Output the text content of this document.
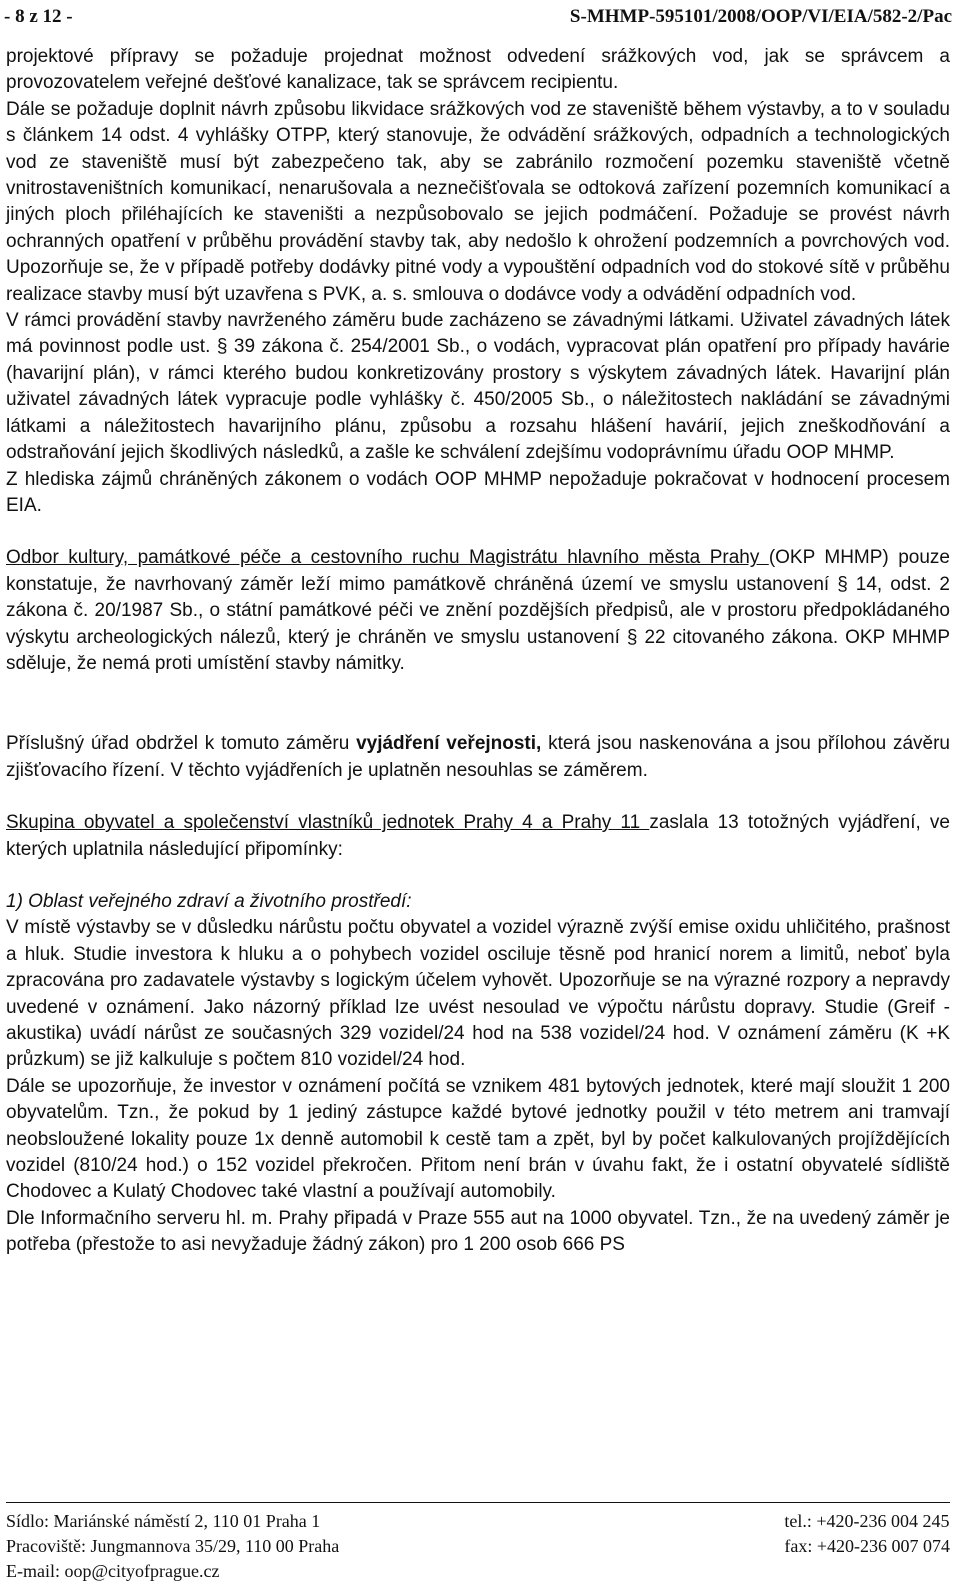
- 8 z 12 -	S-MHMP-595101/2008/OOP/VI/EIA/582-2/Pac

projektové přípravy se požaduje projednat možnost odvedení srážkových vod, jak se správcem a provozovatelem veřejné dešťové kanalizace, tak se správcem recipientu.

Dále se požaduje doplnit návrh způsobu likvidace srážkových vod ze staveniště během výstavby, a to v souladu s článkem 14 odst. 4 vyhlášky OTPP, který stanovuje, že odvádění srážkových, odpadních a technologických vod ze staveniště musí být zabezpečeno tak, aby se zabránilo rozmočení pozemku staveniště včetně vnitrostaveništních komunikací, nenarušovala a neznečišťovala se odtoková zařízení pozemních komunikací a jiných ploch přiléhajících ke staveništi a nezpůsobovalo se jejich podmáčení. Požaduje se provést návrh ochranných opatření v průběhu provádění stavby tak, aby nedošlo k ohrožení podzemních a povrchových vod. Upozorňuje se, že v případě potřeby dodávky pitné vody a vypouštění odpadních vod do stokové sítě v průběhu realizace stavby musí být uzavřena s PVK, a. s. smlouva o dodávce vody a odvádění odpadních vod.

V rámci provádění stavby navrženého záměru bude zacházeno se závadnými látkami. Uživatel závadných látek má povinnost podle ust. § 39 zákona č. 254/2001 Sb., o vodách, vypracovat plán opatření pro případy havárie (havarijní plán), v rámci kterého budou konkretizovány prostory s výskytem závadných látek. Havarijní plán uživatel závadných látek vypracuje podle vyhlášky č. 450/2005 Sb., o náležitostech nakládání se závadnými látkami a náležitostech havarijního plánu, způsobu a rozsahu hlášení havárií, jejich zneškodňování a odstraňování jejich škodlivých následků, a zašle ke schválení zdejšímu vodoprávnímu úřadu OOP MHMP.

Z hlediska zájmů chráněných zákonem o vodách OOP MHMP nepožaduje pokračovat v hodnocení procesem EIA.

Odbor kultury, památkové péče a cestovního ruchu Magistrátu hlavního města Prahy (OKP MHMP) pouze konstatuje, že navrhovaný záměr leží mimo památkově chráněná území ve smyslu ustanovení § 14, odst. 2 zákona č. 20/1987 Sb., o státní památkové péči ve znění pozdějších předpisů, ale v prostoru předpokládaného výskytu archeologických nálezů, který je chráněn ve smyslu ustanovení § 22 citovaného zákona. OKP MHMP sděluje, že nemá proti umístění stavby námitky.

Příslušný úřad obdržel k tomuto záměru vyjádření veřejnosti, která jsou naskenována a jsou přílohou závěru zjišťovacího řízení. V těchto vyjádřeních je uplatněn nesouhlas se záměrem.

Skupina obyvatel a společenství vlastníků jednotek Prahy 4 a Prahy 11 zaslala 13 totožných vyjádření, ve kterých uplatnila následující připomínky:

1) Oblast veřejného zdraví a životního prostředí:

V místě výstavby se v důsledku nárůstu počtu obyvatel a vozidel výrazně zvýší emise oxidu uhličitého, prašnost a hluk. Studie investora k hluku a o pohybech vozidel osciluje těsně pod hranicí norem a limitů, neboť byla zpracována pro zadavatele výstavby s logickým účelem vyhovět. Upozorňuje se na výrazné rozpory a nepravdy uvedené v oznámení. Jako názorný příklad lze uvést nesoulad ve výpočtu nárůstu dopravy. Studie (Greif - akustika) uvádí nárůst ze současných 329 vozidel/24 hod na 538 vozidel/24 hod. V oznámení záměru (K +K průzkum) se již kalkuluje s počtem 810 vozidel/24 hod.

Dále se upozorňuje, že investor v oznámení počítá se vznikem 481 bytových jednotek, které mají sloužit 1 200 obyvatelům. Tzn., že pokud by 1 jediný zástupce každé bytové jednotky použil v této metrem ani tramvají neobsloužené lokality pouze 1x denně automobil k cestě tam a zpět, byl by počet kalkulovaných projíždějících vozidel (810/24 hod.) o 152 vozidel překročen. Přitom není brán v úvahu fakt, že i ostatní obyvatelé sídliště Chodovec a Kulatý Chodovec také vlastní a používají automobily.

Dle Informačního serveru hl. m. Prahy připadá v Praze 555 aut na 1000 obyvatel. Tzn., že na uvedený záměr je potřeba (přestože to asi nevyžaduje žádný zákon) pro 1 200 osob 666 PS

Sídlo: Mariánské náměstí 2, 110 01 Praha 1
Pracoviště: Jungmannova 35/29, 110 00 Praha
E-mail: oop@cityofprague.cz
tel.: +420-236 004 245
fax: +420-236 007 074
